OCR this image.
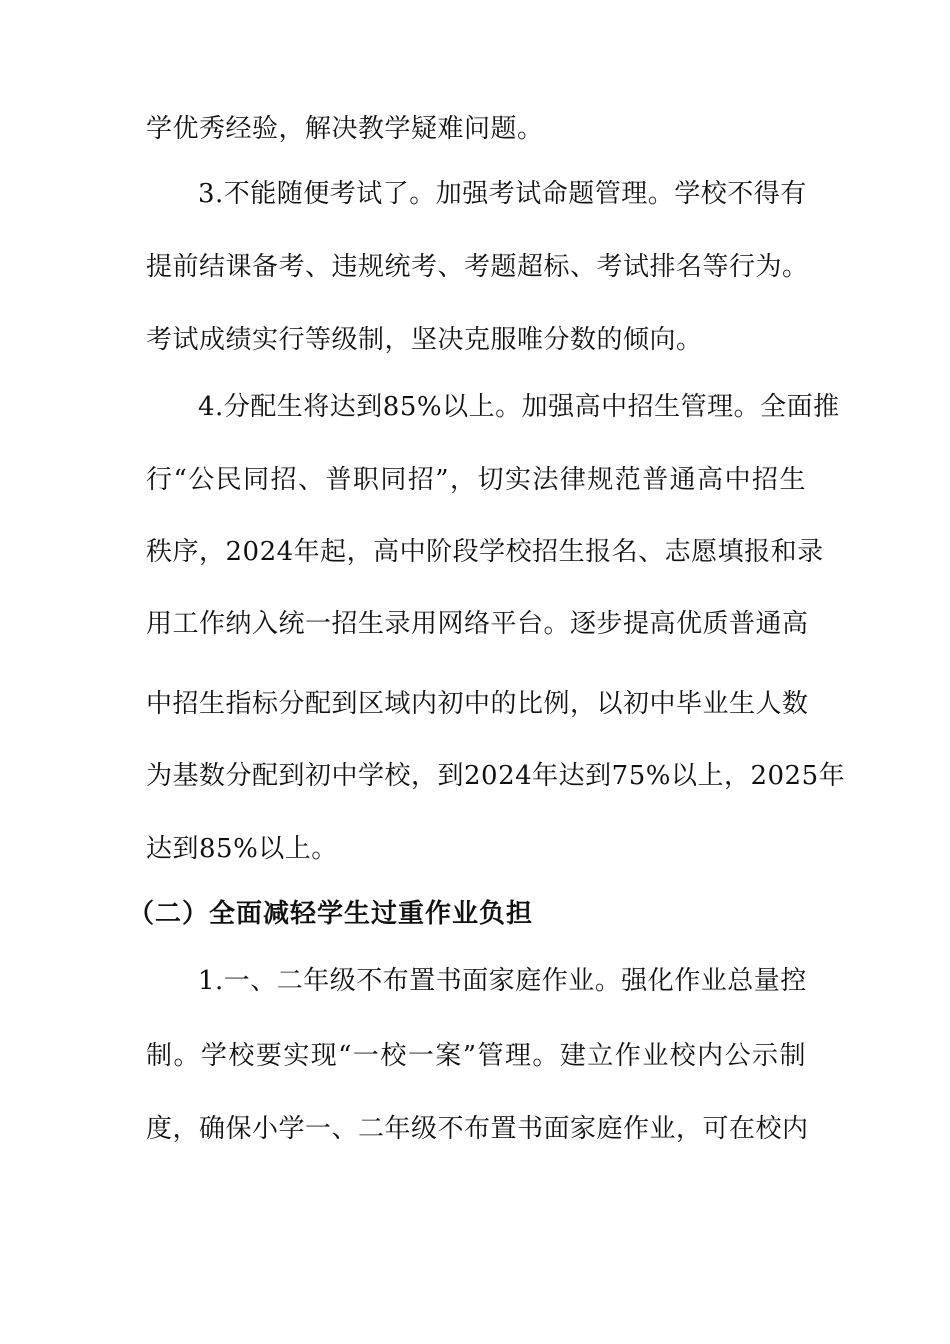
学优秀经验，解决教学疑难问题。
3.不能随便考试了。加强考试命题管理。学校不得有
提前结课备考、违规统考、考题超标、考试排名等行为。
考试成绩实行等级制，坚决克服唯分数的倾向。
4.分配生将达到85%以上。加强高中招生管理。全面推
行“公民同招、普职同招”，切实法律规范普通高中招生
秩序，2024年起，高中阶段学校招生报名、志愿填报和录
用工作纳入统一招生录用网络平台。逐步提高优质普通高
中招生指标分配到区域内初中的比例，以初中毕业生人数
为基数分配到初中学校，到2024年达到75%以上，2025年
达到85%以上。
（二）全面减轻学生过重作业负担
1.一、二年级不布置书面家庭作业。强化作业总量控
制。学校要实现“一校一案”管理。建立作业校内公示制
度，确保小学一、二年级不布置书面家庭作业，可在校内
